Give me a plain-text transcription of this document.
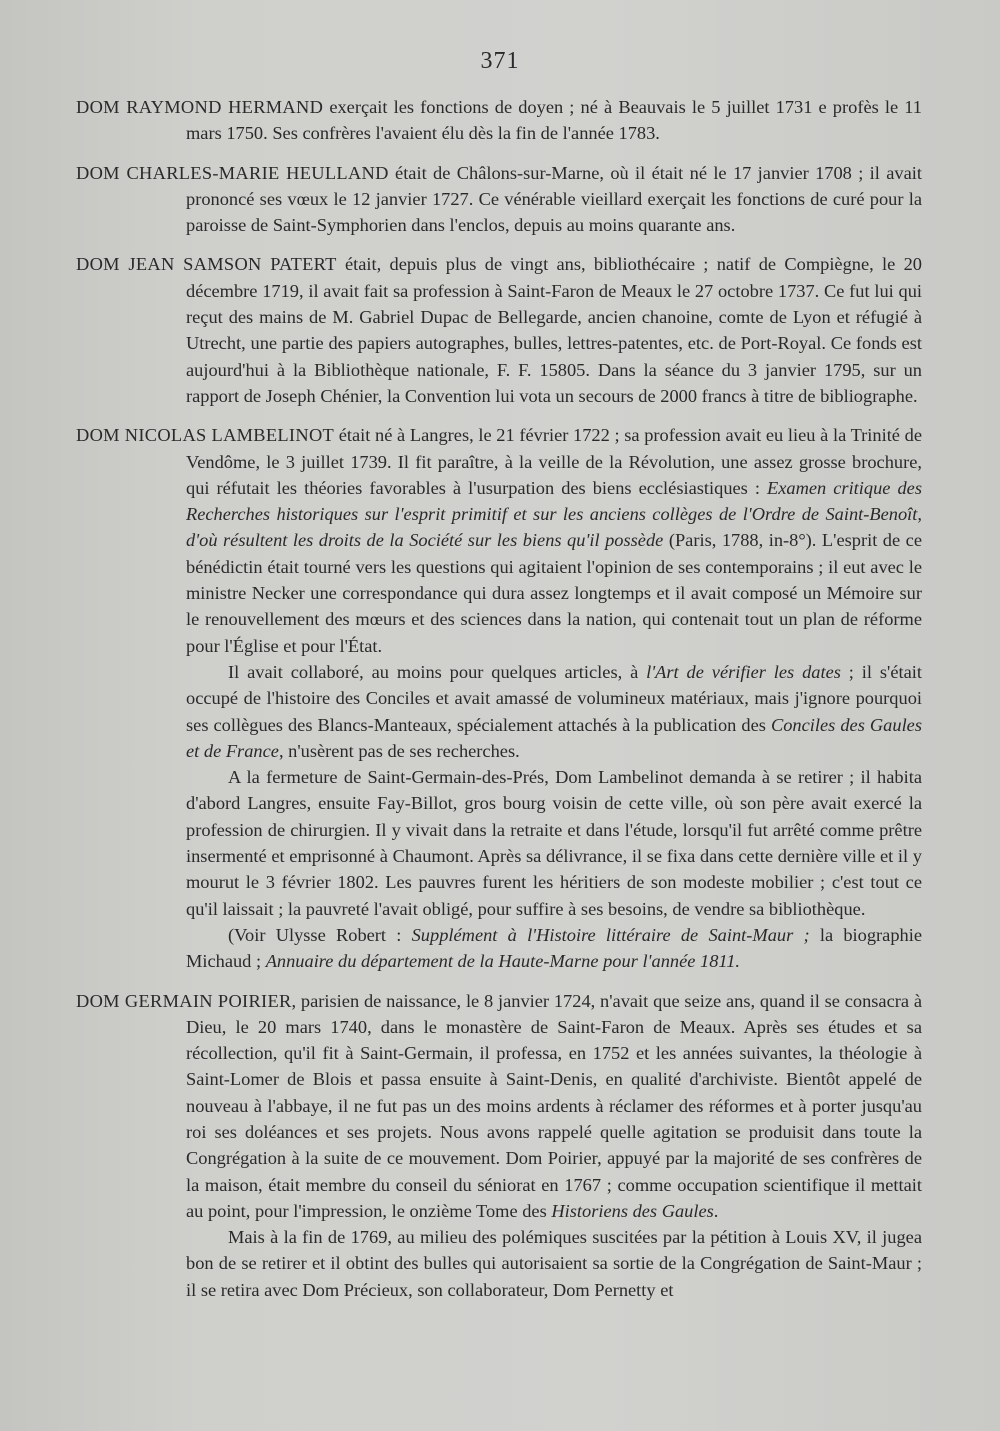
371

DOM RAYMOND HERMAND exerçait les fonctions de doyen ; né à Beauvais le 5 juillet 1731 e profès le 11 mars 1750. Ses confrères l'avaient élu dès la fin de l'année 1783.

DOM CHARLES-MARIE HEULLAND était de Châlons-sur-Marne, où il était né le 17 janvier 1708 ; il avait prononcé ses vœux le 12 janvier 1727. Ce vénérable vieillard exerçait les fonctions de curé pour la paroisse de Saint-Symphorien dans l'enclos, depuis au moins quarante ans.

DOM JEAN SAMSON PATERT était, depuis plus de vingt ans, bibliothécaire ; natif de Compiègne, le 20 décembre 1719, il avait fait sa profession à Saint-Faron de Meaux le 27 octobre 1737. Ce fut lui qui reçut des mains de M. Gabriel Dupac de Bellegarde, ancien chanoine, comte de Lyon et réfugié à Utrecht, une partie des papiers autographes, bulles, lettres-patentes, etc. de Port-Royal. Ce fonds est aujourd'hui à la Bibliothèque nationale, F. F. 15805. Dans la séance du 3 janvier 1795, sur un rapport de Joseph Chénier, la Convention lui vota un secours de 2000 francs à titre de bibliographe.

DOM NICOLAS LAMBELINOT était né à Langres, le 21 février 1722 ; sa profession avait eu lieu à la Trinité de Vendôme, le 3 juillet 1739. Il fit paraître, à la veille de la Révolution, une assez grosse brochure, qui réfutait les théories favorables à l'usurpation des biens ecclésiastiques : Examen critique des Recherches historiques sur l'esprit primitif et sur les anciens collèges de l'Ordre de Saint-Benoît, d'où résultent les droits de la Société sur les biens qu'il possède (Paris, 1788, in-8°). L'esprit de ce bénédictin était tourné vers les questions qui agitaient l'opinion de ses contemporains ; il eut avec le ministre Necker une correspondance qui dura assez longtemps et il avait composé un Mémoire sur le renouvellement des mœurs et des sciences dans la nation, qui contenait tout un plan de réforme pour l'Église et pour l'État.

Il avait collaboré, au moins pour quelques articles, à l'Art de vérifier les dates ; il s'était occupé de l'histoire des Conciles et avait amassé de volumineux matériaux, mais j'ignore pourquoi ses collègues des Blancs-Manteaux, spécialement attachés à la publication des Conciles des Gaules et de France, n'usèrent pas de ses recherches.

A la fermeture de Saint-Germain-des-Prés, Dom Lambelinot demanda à se retirer ; il habita d'abord Langres, ensuite Fay-Billot, gros bourg voisin de cette ville, où son père avait exercé la profession de chirurgien. Il y vivait dans la retraite et dans l'étude, lorsqu'il fut arrêté comme prêtre insermenté et emprisonné à Chaumont. Après sa délivrance, il se fixa dans cette dernière ville et il y mourut le 3 février 1802. Les pauvres furent les héritiers de son modeste mobilier ; c'est tout ce qu'il laissait ; la pauvreté l'avait obligé, pour suffire à ses besoins, de vendre sa bibliothèque.

(Voir Ulysse Robert : Supplément à l'Histoire littéraire de Saint-Maur ; la biographie Michaud ; Annuaire du département de la Haute-Marne pour l'année 1811.

DOM GERMAIN POIRIER, parisien de naissance, le 8 janvier 1724, n'avait que seize ans, quand il se consacra à Dieu, le 20 mars 1740, dans le monastère de Saint-Faron de Meaux. Après ses études et sa récollection, qu'il fit à Saint-Germain, il professa, en 1752 et les années suivantes, la théologie à Saint-Lomer de Blois et passa ensuite à Saint-Denis, en qualité d'archiviste. Bientôt appelé de nouveau à l'abbaye, il ne fut pas un des moins ardents à réclamer des réformes et à porter jusqu'au roi ses doléances et ses projets. Nous avons rappelé quelle agitation se produisit dans toute la Congrégation à la suite de ce mouvement. Dom Poirier, appuyé par la majorité de ses confrères de la maison, était membre du conseil du séniorat en 1767 ; comme occupation scientifique il mettait au point, pour l'impression, le onzième Tome des Historiens des Gaules.

Mais à la fin de 1769, au milieu des polémiques suscitées par la pétition à Louis XV, il jugea bon de se retirer et il obtint des bulles qui autorisaient sa sortie de la Congrégation de Saint-Maur ; il se retira avec Dom Précieux, son collaborateur, Dom Pernetty et
